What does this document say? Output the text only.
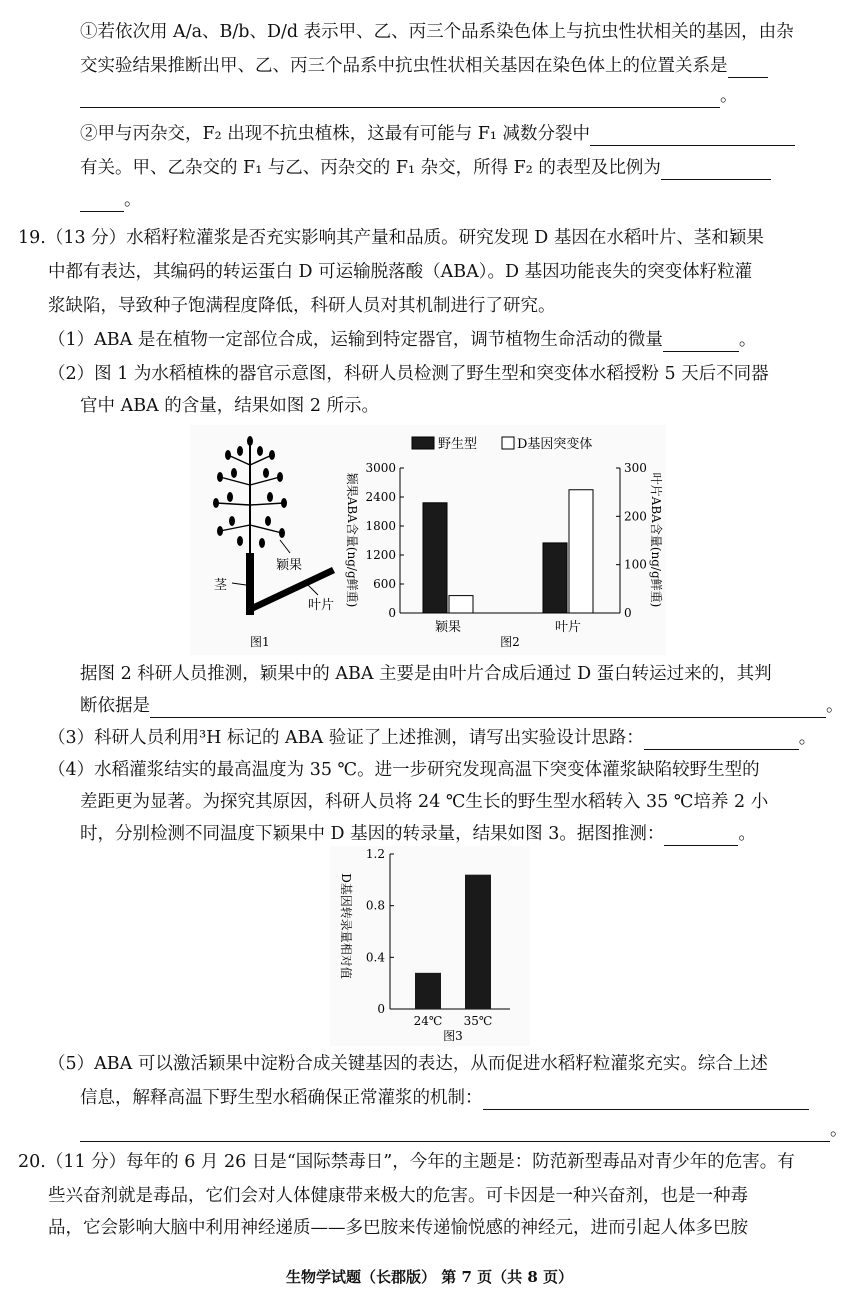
①若依次用 A/a、B/b、D/d 表示甲、乙、丙三个品系染色体上与抗虫性状相关的基因，由杂
交实验结果推断出甲、乙、丙三个品系中抗虫性状相关基因在染色体上的位置关系是
。
②甲与丙杂交，F₂ 出现不抗虫植株，这最有可能与 F₁ 减数分裂中
有关。甲、乙杂交的 F₁ 与乙、丙杂交的 F₁ 杂交，所得 F₂ 的表型及比例为
。
19.（13 分）水稻籽粒灌浆是否充实影响其产量和品质。研究发现 D 基因在水稻叶片、茎和颖果
中都有表达，其编码的转运蛋白 D 可运输脱落酸（ABA）。D 基因功能丧失的突变体籽粒灌
浆缺陷，导致种子饱满程度降低，科研人员对其机制进行了研究。
（1）ABA 是在植物一定部位合成，运输到特定器官，调节植物生命活动的微量	。
（2）图 1 为水稻植株的器官示意图，科研人员检测了野生型和突变体水稻授粉 5 天后不同器
官中 ABA 的含量，结果如图 2 所示。
颖果
茎
叶片
图1
0
600
1200
1800
2400
3000
0
100
200
300
颖果ABA含量(ng/g鲜重)	叶片ABA含量(ng/g鲜重)
颖果	叶片
野生型	D基因突变体
图2
据图 2 科研人员推测，颖果中的 ABA 主要是由叶片合成后通过 D 蛋白转运过来的，其判
断依据是	。
（3）科研人员利用³H 标记的 ABA 验证了上述推测，请写出实验设计思路：	。
（4）水稻灌浆结实的最高温度为 35 ℃。进一步研究发现高温下突变体灌浆缺陷较野生型的
差距更为显著。为探究其原因，科研人员将 24 ℃生长的野生型水稻转入 35 ℃培养 2 小
时，分别检测不同温度下颖果中 D 基因的转录量，结果如图 3。据图推测：	。
0
0.4
0.8
1.2
D基因转录量相对值
24℃ 35℃
图3
（5）ABA 可以激活颖果中淀粉合成关键基因的表达，从而促进水稻籽粒灌浆充实。综合上述
信息，解释高温下野生型水稻确保正常灌浆的机制：
。
20.（11 分）每年的 6 月 26 日是“国际禁毒日”，今年的主题是：防范新型毒品对青少年的危害。有
些兴奋剂就是毒品，它们会对人体健康带来极大的危害。可卡因是一种兴奋剂，也是一种毒
品，它会影响大脑中利用神经递质——多巴胺来传递愉悦感的神经元，进而引起人体多巴胺
生物学试题（长郡版） 第 7 页（共 8 页）
